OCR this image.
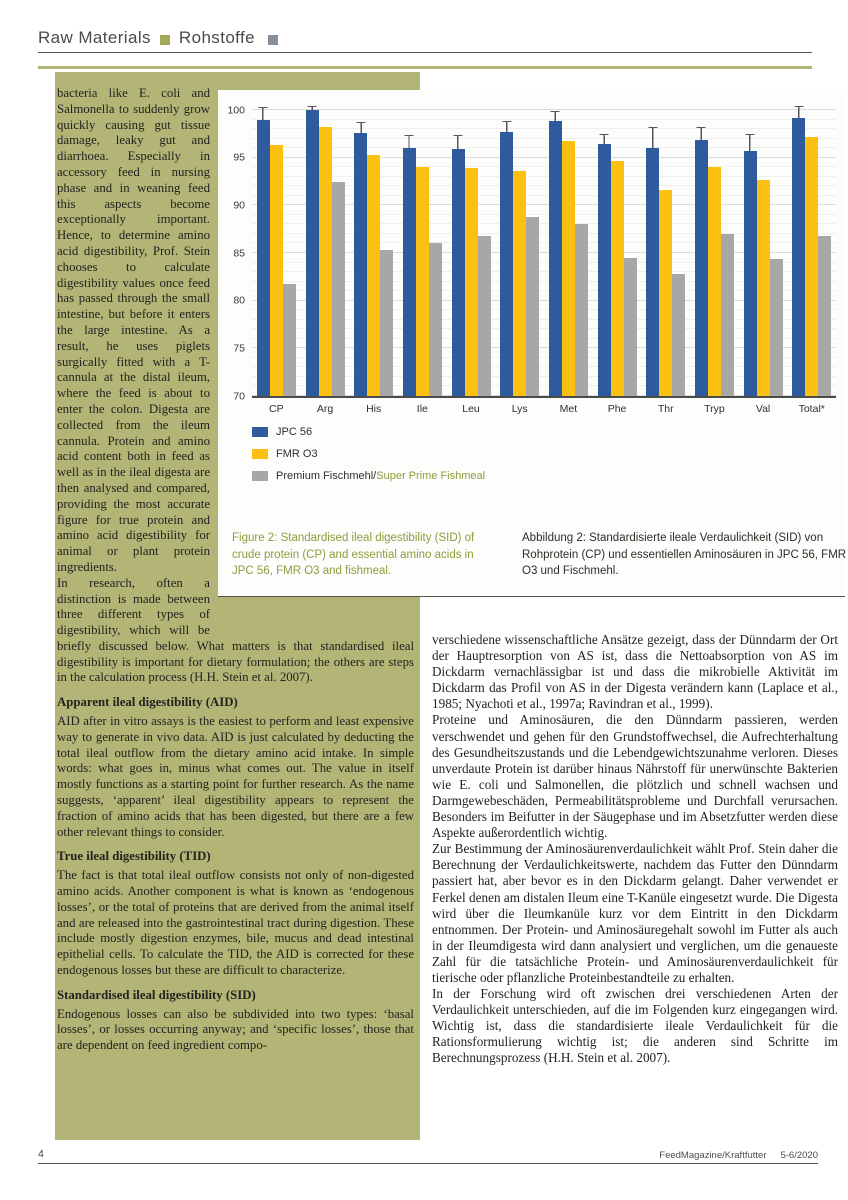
Raw Materials Rohstoffe

bacteria like E. coli and Salmonella to suddenly grow quickly causing gut tissue damage, leaky gut and diarrhoea. Especially in accessory feed in nursing phase and in weaning feed this aspects become exceptionally important. Hence, to determine amino acid digestibility, Prof. Stein chooses to calculate digestibility values once feed has passed through the small intestine, but before it enters the large intestine. As a result, he uses piglets surgically fitted with a T-cannula at the distal ileum, where the feed is about to enter the colon. Digesta are collected from the ileum cannula. Protein and amino acid content both in feed as well as in the ileal digesta are then analysed and compared, providing the most accurate figure for true protein and amino acid digestibility for animal or plant protein ingredients.

In research, often a distinction is made between three different types of digestibility, which will be briefly discussed below. What matters is that standardised ileal digestibility is important for dietary formulation; the others are steps in the calculation process (H.H. Stein et al. 2007).

Apparent ileal digestibility (AID)

AID after in vitro assays is the easiest to perform and least expensive way to generate in vivo data. AID is just calculated by deducting the total ileal outflow from the dietary amino acid intake. In simple words: what goes in, minus what comes out. The value in itself mostly functions as a starting point for further research. As the name suggests, ‘apparent’ ileal digestibility appears to represent the fraction of amino acids that has been digested, but there are a few other relevant things to consider.

True ileal digestibility (TID)

The fact is that total ileal outflow consists not only of non-digested amino acids. Another component is what is known as ‘endogenous losses’, or the total of proteins that are derived from the animal itself and are released into the gastrointestinal tract during digestion. These include mostly digestion enzymes, bile, mucus and dead intestinal epithelial cells. To calculate the TID, the AID is corrected for these endogenous losses but these are difficult to characterize.

Standardised ileal digestibility (SID)

Endogenous losses can also be subdivided into two types: ‘basal losses’, or losses occurring anyway; and ‘specific losses’, those that are dependent on feed ingredient compo-

CP	Arg	His	Ile	Leu	Lys	Met	Phe	Thr	Tryp	Val	Total*
70
75
80
85
90
95
100
JPC 56
FMR O3
Premium Fischmehl/ Super Prime Fishmeal

Figure 2: Standardised ileal digestibility (SID) of crude protein (CP) and essential amino acids in JPC 56, FMR O3 and fishmeal.

Abbildung 2: Standardisierte ileale Verdaulichkeit (SID) von Rohprotein (CP) und essentiellen Aminosäuren in JPC 56, FMR O3 und Fischmehl.

verschiedene wissenschaftliche Ansätze gezeigt, dass der Dünndarm der Ort der Hauptresorption von AS ist, dass die Nettoabsorption von AS im Dickdarm vernachlässigbar ist und dass die mikrobielle Aktivität im Dickdarm das Profil von AS in der Digesta verändern kann (Laplace et al., 1985; Nyachoti et al., 1997a; Ravindran et al., 1999).

Proteine und Aminosäuren, die den Dünndarm passieren, werden verschwendet und gehen für den Grundstoffwechsel, die Aufrechterhaltung des Gesundheitszustands und die Lebendgewichtszunahme verloren. Dieses unverdaute Protein ist darüber hinaus Nährstoff für unerwünschte Bakterien wie E. coli und Salmonellen, die plötzlich und schnell wachsen und Darmgewebeschäden, Permeabilitätsprobleme und Durchfall verursachen. Besonders im Beifutter in der Säugephase und im Absetzfutter werden diese Aspekte außerordentlich wichtig.

Zur Bestimmung der Aminosäurenverdaulichkeit wählt Prof. Stein daher die Berechnung der Verdaulichkeitswerte, nachdem das Futter den Dünndarm passiert hat, aber bevor es in den Dickdarm gelangt. Daher verwendet er Ferkel denen am distalen Ileum eine T-Kanüle eingesetzt wurde. Die Digesta wird über die Ileumkanüle kurz vor dem Eintritt in den Dickdarm entnommen. Der Protein- und Aminosäuregehalt sowohl im Futter als auch in der Ileumdigesta wird dann analysiert und verglichen, um die genaueste Zahl für die tatsächliche Protein- und Aminosäurenverdaulichkeit für tierische oder pflanzliche Proteinbestandteile zu erhalten.

In der Forschung wird oft zwischen drei verschiedenen Arten der Verdaulichkeit unterschieden, auf die im Folgenden kurz eingegangen wird. Wichtig ist, dass die standardisierte ileale Verdaulichkeit für die Rationsformulierung wichtig ist; die anderen sind Schritte im Berechnungsprozess (H.H. Stein et al. 2007).

4	FeedMagazine/Kraftfutter 5-6/2020
